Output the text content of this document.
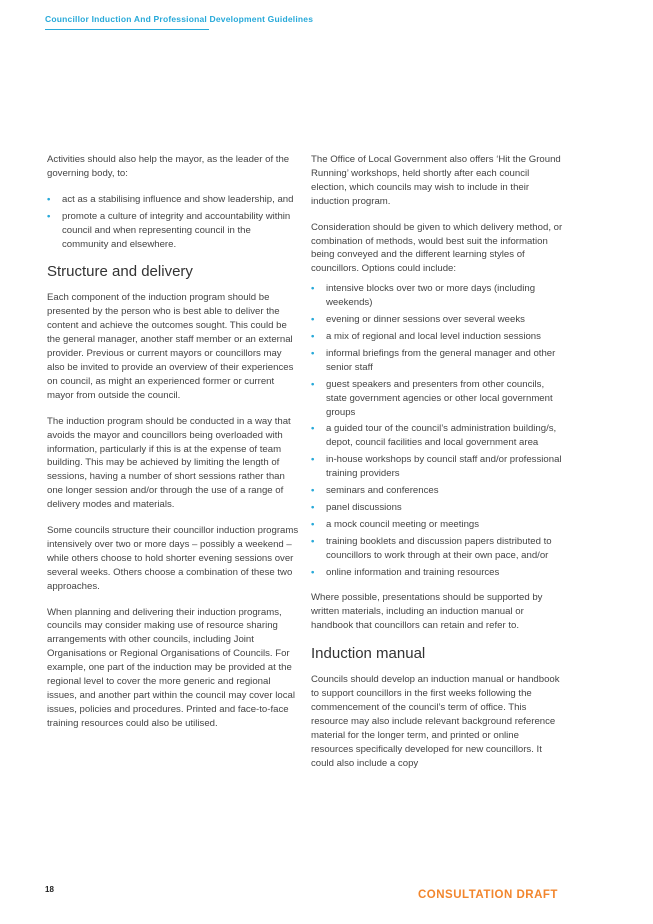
Councillor Induction And Professional Development Guidelines

Activities should also help the mayor, as the leader of the governing body, to:

• act as a stabilising influence and show leadership, and
• promote a culture of integrity and accountability within council and when representing council in the community and elsewhere.
Structure and delivery

Each component of the induction program should be presented by the person who is best able to deliver the content and achieve the outcomes sought. This could be the general manager, another staff member or an external provider. Previous or current mayors or councillors may also be invited to provide an overview of their experiences on council, as might an experienced former or current mayor from outside the council.

The induction program should be conducted in a way that avoids the mayor and councillors being overloaded with information, particularly if this is at the expense of team building. This may be achieved by limiting the length of sessions, having a number of short sessions rather than one longer session and/or through the use of a range of delivery modes and materials.

Some councils structure their councillor induction programs intensively over two or more days – possibly a weekend – while others choose to hold shorter evening sessions over several weeks. Others choose a combination of these two approaches.

When planning and delivering their induction programs, councils may consider making use of resource sharing arrangements with other councils, including Joint Organisations or Regional Organisations of Councils. For example, one part of the induction may be provided at the regional level to cover the more generic and regional issues, and another part within the council may cover local issues, policies and procedures. Printed and face-to-face training resources could also be utilised.

The Office of Local Government also offers ‘Hit the Ground Running’ workshops, held shortly after each council election, which councils may wish to include in their induction program.

Consideration should be given to which delivery method, or combination of methods, would best suit the information being conveyed and the different learning styles of councillors. Options could include:

• intensive blocks over two or more days (including weekends)
• evening or dinner sessions over several weeks
• a mix of regional and local level induction sessions
• informal briefings from the general manager and other senior staff
• guest speakers and presenters from other councils, state government agencies or other local government groups
• a guided tour of the council’s administration building/s, depot, council facilities and local government area
• in-house workshops by council staff and/or professional training providers
• seminars and conferences
• panel discussions
• a mock council meeting or meetings
• training booklets and discussion papers distributed to councillors to work through at their own pace, and/or
• online information and training resources

Where possible, presentations should be supported by written materials, including an induction manual or handbook that councillors can retain and refer to.

Induction manual

Councils should develop an induction manual or handbook to support councillors in the first weeks following the commencement of the council’s term of office. This resource may also include relevant background reference material for the longer term, and printed or online resources specifically developed for new councillors. It could also include a copy

18	CONSULTATION DRAFT
